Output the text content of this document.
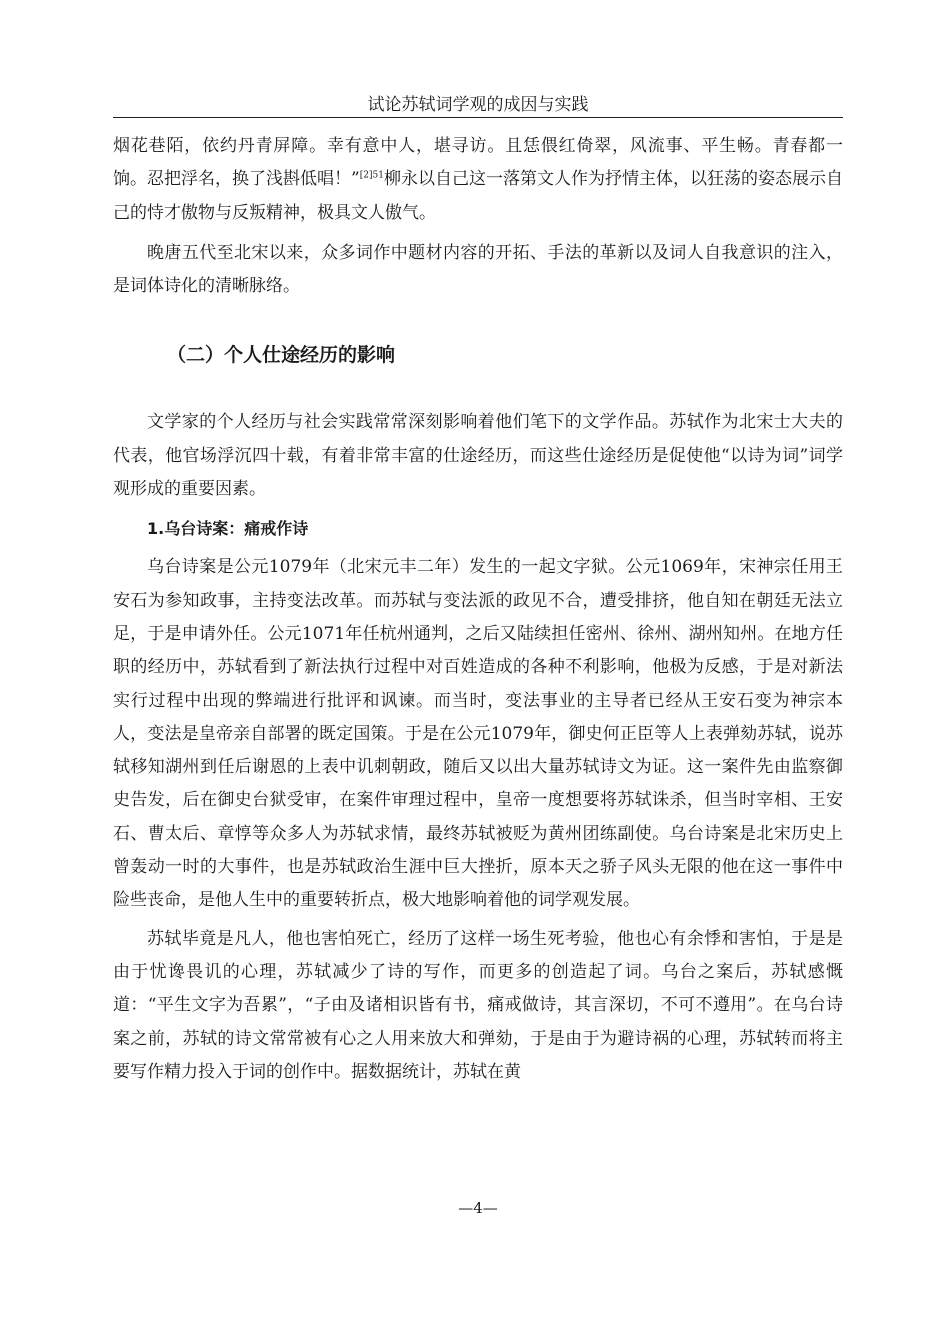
试论苏轼词学观的成因与实践

烟花巷陌，依约丹青屏障。幸有意中人，堪寻访。且恁偎红倚翠，风流事、平生畅。青春都一饷。忍把浮名，换了浅斟低唱！”$^{[2]51}$柳永以自己这一落第文人作为抒情主体，以狂荡的姿态展示自己的恃才傲物与反叛精神，极具文人傲气。

晚唐五代至北宋以来，众多词作中题材内容的开拓、手法的革新以及词人自我意识的注入，是词体诗化的清晰脉络。

（二）个人仕途经历的影响

文学家的个人经历与社会实践常常深刻影响着他们笔下的文学作品。苏轼作为北宋士大夫的代表，他官场浮沉四十载，有着非常丰富的仕途经历，而这些仕途经历是促使他“以诗为词”词学观形成的重要因素。

1.乌台诗案：痛戒作诗

乌台诗案是公元1079年（北宋元丰二年）发生的一起文字狱。公元1069年，宋神宗任用王安石为参知政事，主持变法改革。而苏轼与变法派的政见不合，遭受排挤，他自知在朝廷无法立足，于是申请外任。公元1071年任杭州通判，之后又陆续担任密州、徐州、湖州知州。在地方任职的经历中，苏轼看到了新法执行过程中对百姓造成的各种不利影响，他极为反感，于是对新法实行过程中出现的弊端进行批评和讽谏。而当时，变法事业的主导者已经从王安石变为神宗本人，变法是皇帝亲自部署的既定国策。于是在公元1079年，御史何正臣等人上表弹劾苏轼，说苏轼移知湖州到任后谢恩的上表中讥刺朝政，随后又以出大量苏轼诗文为证。这一案件先由监察御史告发，后在御史台狱受审，在案件审理过程中，皇帝一度想要将苏轼诛杀，但当时宰相、王安石、曹太后、章惇等众多人为苏轼求情，最终苏轼被贬为黄州团练副使。乌台诗案是北宋历史上曾轰动一时的大事件，也是苏轼政治生涯中巨大挫折，原本天之骄子风头无限的他在这一事件中险些丧命，是他人生中的重要转折点，极大地影响着他的词学观发展。

苏轼毕竟是凡人，他也害怕死亡，经历了这样一场生死考验，他也心有余悸和害怕，于是是由于忧谗畏讥的心理，苏轼减少了诗的写作，而更多的创造起了词。乌台之案后，苏轼感慨道：“平生文字为吾累”，“子由及诸相识皆有书，痛戒做诗，其言深切，不可不遵用”。在乌台诗案之前，苏轼的诗文常常被有心之人用来放大和弹劾，于是由于为避诗祸的心理，苏轼转而将主要写作精力投入于词的创作中。据数据统计，苏轼在黄

—4—
